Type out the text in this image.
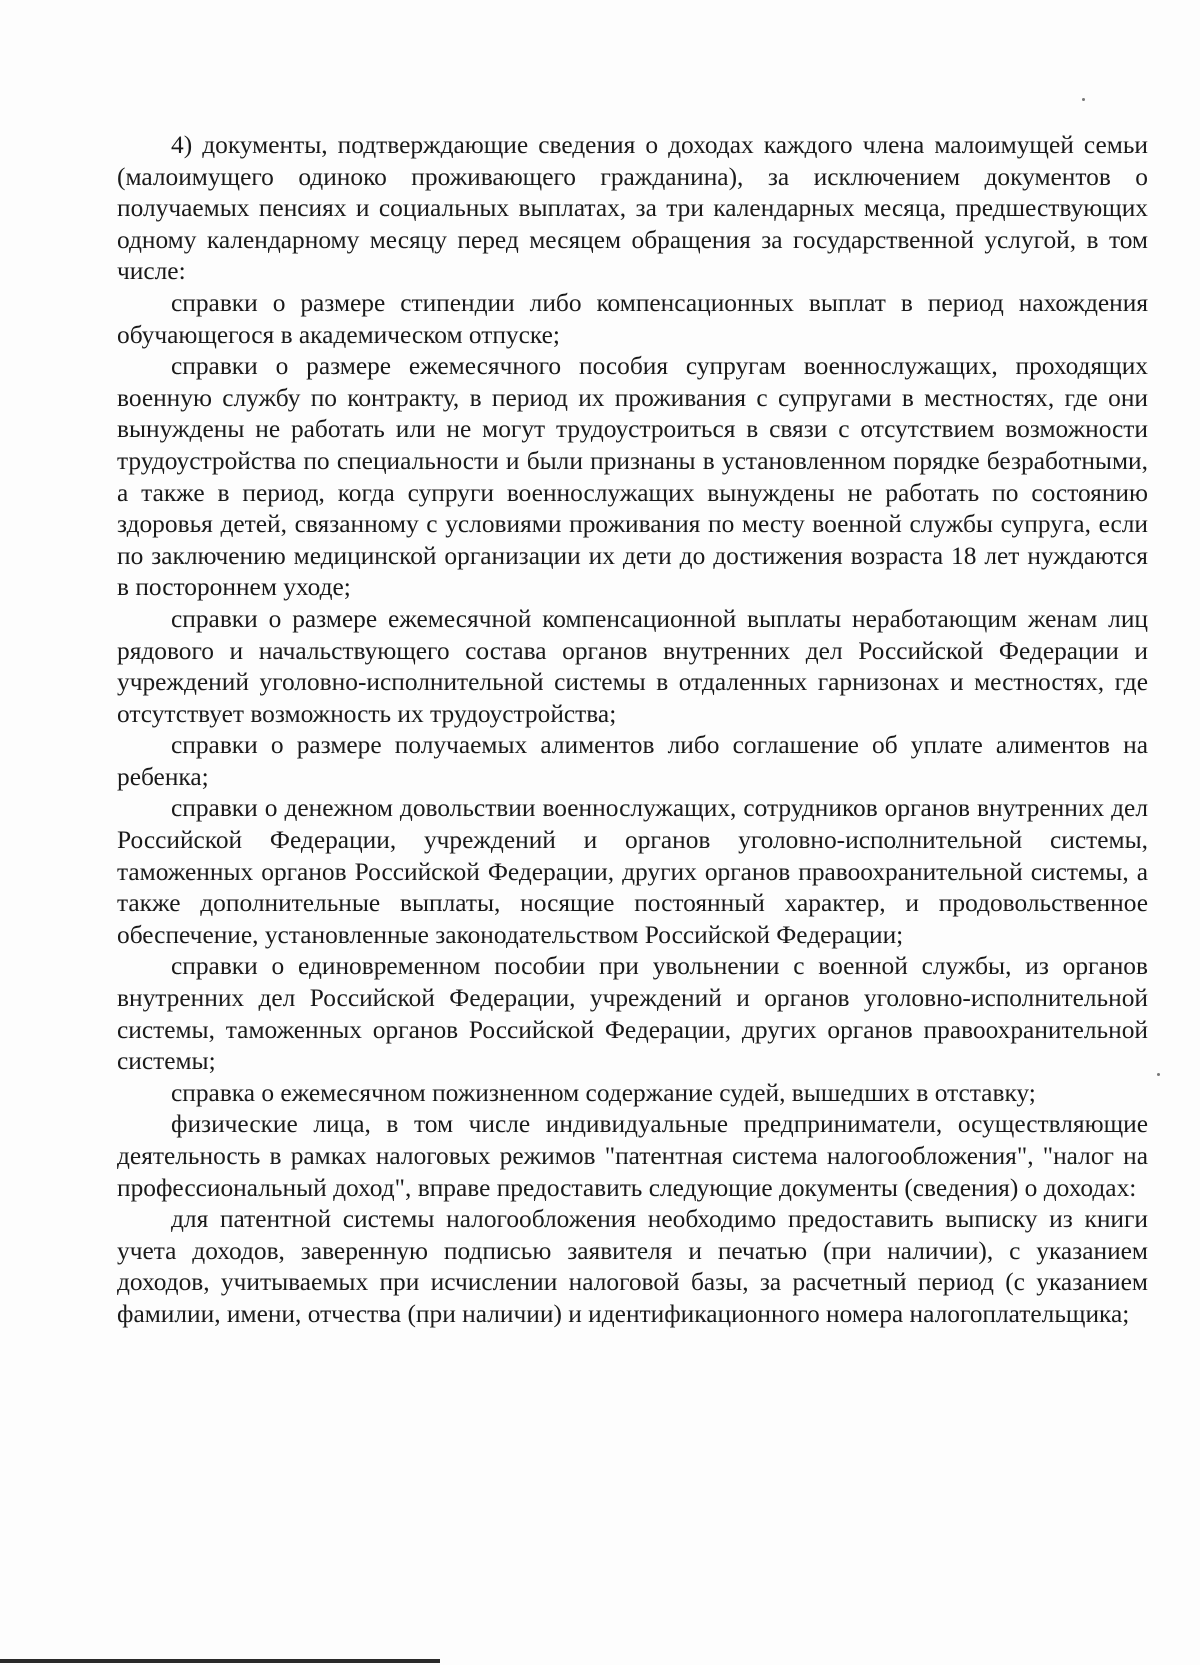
4) документы, подтверждающие сведения о доходах каждого члена малоимущей семьи (малоимущего одиноко проживающего гражданина), за исключением документов о получаемых пенсиях и социальных выплатах, за три календарных месяца, предшествующих одному календарному месяцу перед месяцем обращения за государственной услугой, в том числе:

справки о размере стипендии либо компенсационных выплат в период нахождения обучающегося в академическом отпуске;

справки о размере ежемесячного пособия супругам военнослужащих, проходящих военную службу по контракту, в период их проживания с супругами в местностях, где они вынуждены не работать или не могут трудоустроиться в связи с отсутствием возможности трудоустройства по специальности и были признаны в установленном порядке безработными, а также в период, когда супруги военнослужащих вынуждены не работать по состоянию здоровья детей, связанному с условиями проживания по месту военной службы супруга, если по заключению медицинской организации их дети до достижения возраста 18 лет нуждаются в постороннем уходе;

справки о размере ежемесячной компенсационной выплаты неработающим женам лиц рядового и начальствующего состава органов внутренних дел Российской Федерации и учреждений уголовно-исполнительной системы в отдаленных гарнизонах и местностях, где отсутствует возможность их трудоустройства;

справки о размере получаемых алиментов либо соглашение об уплате алиментов на ребенка;

справки о денежном довольствии военнослужащих, сотрудников органов внутренних дел Российской Федерации, учреждений и органов уголовно-исполнительной системы, таможенных органов Российской Федерации, других органов правоохранительной системы, а также дополнительные выплаты, носящие постоянный характер, и продовольственное обеспечение, установленные законодательством Российской Федерации;

справки о единовременном пособии при увольнении с военной службы, из органов внутренних дел Российской Федерации, учреждений и органов уголовно-исполнительной системы, таможенных органов Российской Федерации, других органов правоохранительной системы;

справка о ежемесячном пожизненном содержание судей, вышедших в отставку;

физические лица, в том числе индивидуальные предприниматели, осуществляющие деятельность в рамках налоговых режимов "патентная система налогообложения", "налог на профессиональный доход", вправе предоставить следующие документы (сведения) о доходах:

для патентной системы налогообложения необходимо предоставить выписку из книги учета доходов, заверенную подписью заявителя и печатью (при наличии), с указанием доходов, учитываемых при исчислении налоговой базы, за расчетный период (с указанием фамилии, имени, отчества (при наличии) и идентификационного номера налогоплательщика;
